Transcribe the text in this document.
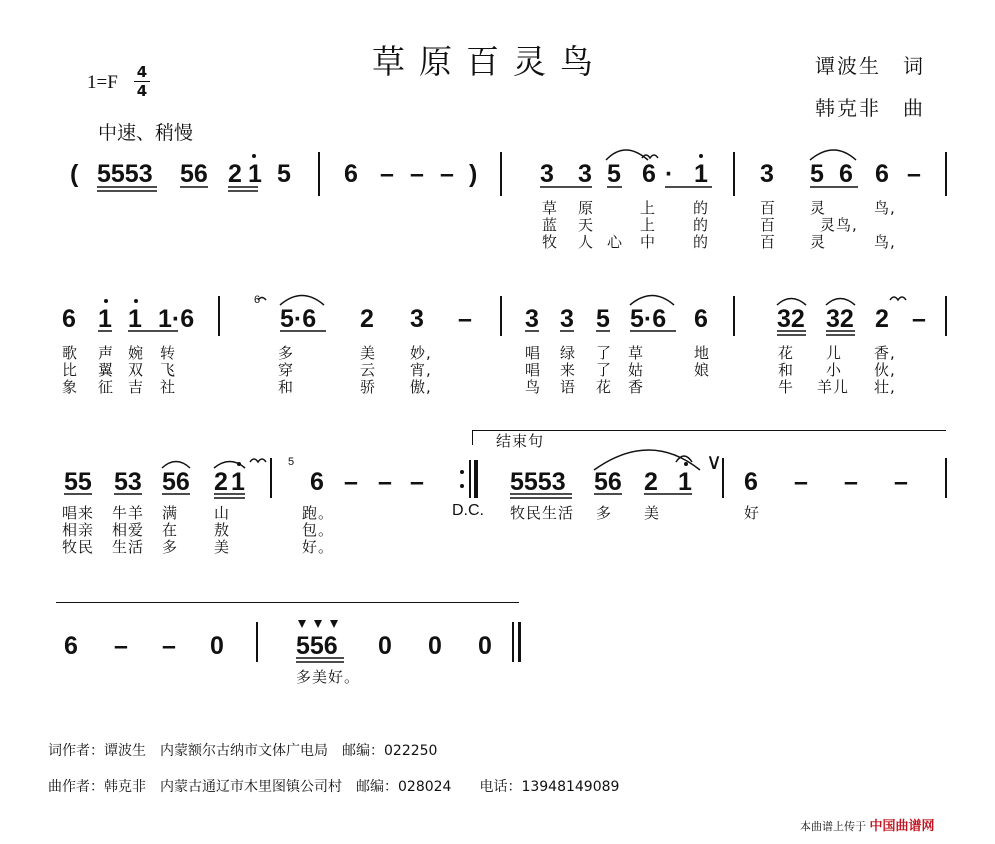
草原百灵鸟	谭波生　词
韩克非　曲
1=F 4
4
中速、稍慢
( 5553 56 2 1 5 6 – – – )	3 3 5 6 · 1 3 5 6 6 –
草 原	上 的	百 灵	鸟,
蓝 天	上 的	百	灵鸟,
牧 人 心 中 的	百 灵	鸟,
6 1 1 1·6
6
5·6 2 3 – 3 3 5 5·6 6	32 32 2 –
歌 声 婉 转	多	美 妙,	唱 绿 了 草	地	花 儿 香,
比 翼 双 飞	穿	云 宵,	唱 来 了 姑	娘	和 小 伙,
象 征 吉 社	和	骄 傲,	鸟 语 花 香	牛 羊儿 壮,
55 53 56 2 1
5
6 – – –
结束句
5553 56 2 1
∨
6 – – –
D.C. 牧民生活 多 美	好
唱来 牛羊 满 山	跑。
相亲 相爱 在 敖	包。
牧民 生活 多 美	好。
6 – – 0	556 0 0 0
多美好。
词作者：谭波生　内蒙额尔古纳市文体广电局　邮编：022250
曲作者：韩克非　内蒙古通辽市木里图镇公司村　邮编：028024　　电话：13948149089
本曲谱上传于 中国曲谱网
